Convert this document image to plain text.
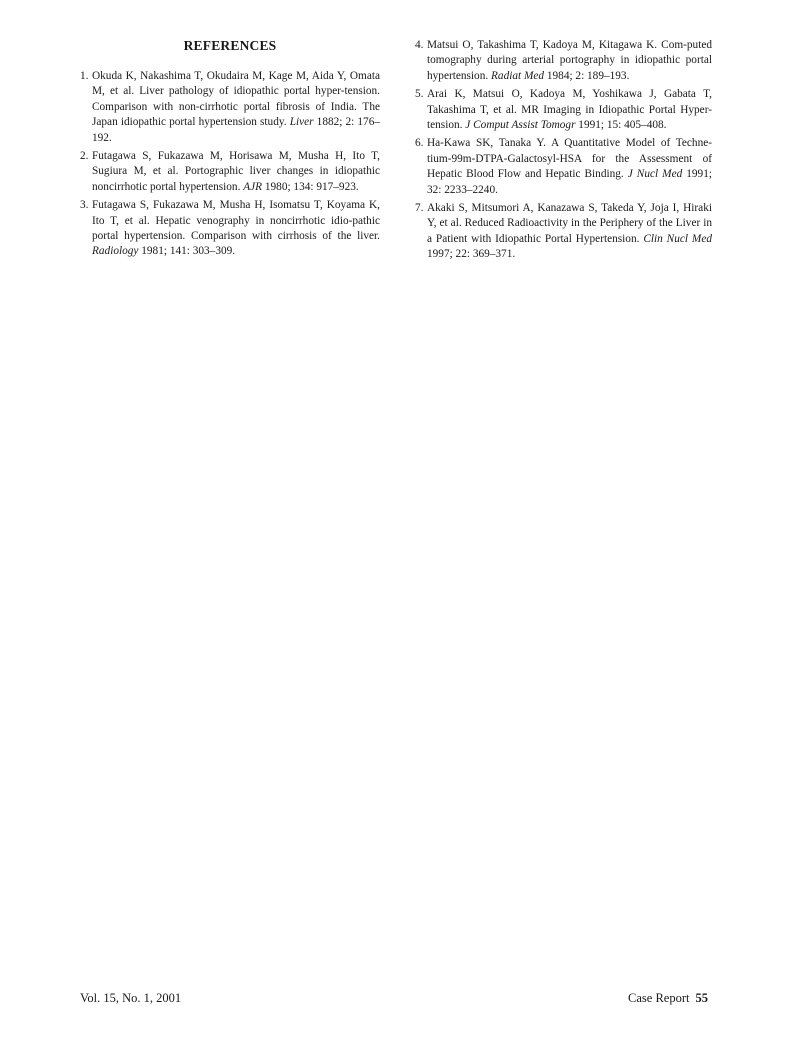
REFERENCES
1. Okuda K, Nakashima T, Okudaira M, Kage M, Aida Y, Omata M, et al. Liver pathology of idiopathic portal hyper-tension. Comparison with non-cirrhotic portal fibrosis of India. The Japan idiopathic portal hypertension study. Liver 1882; 2: 176–192.
2. Futagawa S, Fukazawa M, Horisawa M, Musha H, Ito T, Sugiura M, et al. Portographic liver changes in idiopathic noncirrhotic portal hypertension. AJR 1980; 134: 917–923.
3. Futagawa S, Fukazawa M, Musha H, Isomatsu T, Koyama K, Ito T, et al. Hepatic venography in noncirrhotic idio-pathic portal hypertension. Comparison with cirrhosis of the liver. Radiology 1981; 141: 303–309.
4. Matsui O, Takashima T, Kadoya M, Kitagawa K. Com-puted tomography during arterial portography in idiopathic portal hypertension. Radiat Med 1984; 2: 189–193.
5. Arai K, Matsui O, Kadoya M, Yoshikawa J, Gabata T, Takashima T, et al. MR Imaging in Idiopathic Portal Hyper-tension. J Comput Assist Tomogr 1991; 15: 405–408.
6. Ha-Kawa SK, Tanaka Y. A Quantitative Model of Techne-tium-99m-DTPA-Galactosyl-HSA for the Assessment of Hepatic Blood Flow and Hepatic Binding. J Nucl Med 1991; 32: 2233–2240.
7. Akaki S, Mitsumori A, Kanazawa S, Takeda Y, Joja I, Hiraki Y, et al. Reduced Radioactivity in the Periphery of the Liver in a Patient with Idiopathic Portal Hypertension. Clin Nucl Med 1997; 22: 369–371.
Vol. 15, No. 1, 2001	Case Report 55
